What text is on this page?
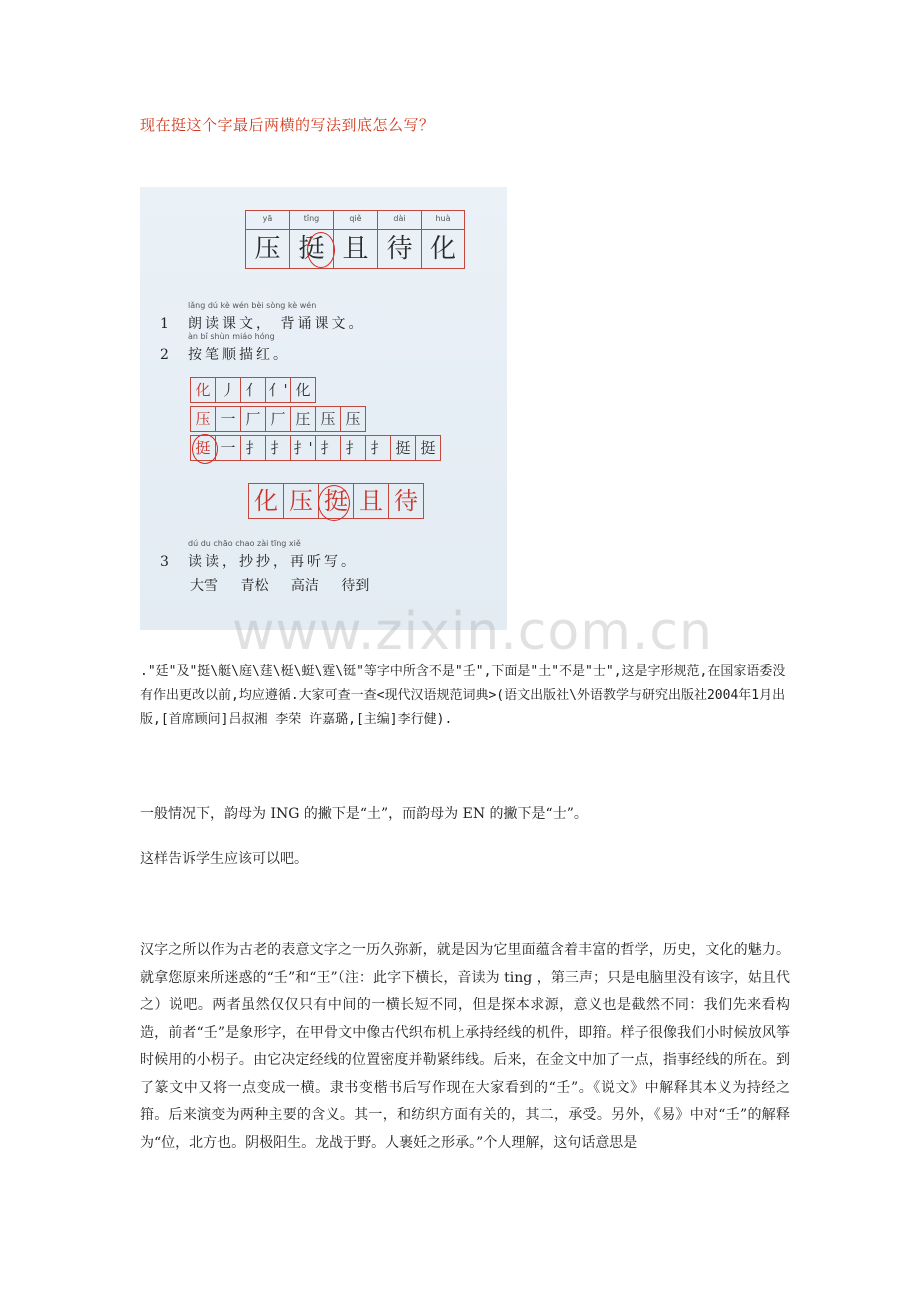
现在挺这个字最后两横的写法到底怎么写？
yā
压
tǐng
挺
qiě
且
dài
待
huà
化
lǎng dú kè wén bèi sòng kè wén
1 朗读课文， 背诵课文。
àn bǐ shùn miáo hóng
2 按笔顺描红。
化 丿 亻 亻' 化
压 一 厂 厂 圧 压 压
挺 一 扌 扌 扌' 扌 扌 扌 挺 挺
化 压 挺 且 待
dú du chāo chao zài tīng xiě
3 读读，抄抄，再听写。
大雪 青松 高洁 待到
www.zixin.com.cn
."廷"及"挺\艇\庭\莛\梃\蜓\霆\铤"等字中所含不是"壬",下面是"土"不是"士",这是字形规范,在国家语委没有作出更改以前,均应遵循.大家可查一查<现代汉语规范词典>(语文出版社\外语教学与研究出版社2004年1月出版,[首席顾问]吕叔湘 李荣 许嘉璐,[主编]李行健).
一般情况下，韵母为 ING 的撇下是“土”，而韵母为 EN 的撇下是“士”。
这样告诉学生应该可以吧。
汉字之所以作为古老的表意文字之一历久弥新，就是因为它里面蕴含着丰富的哲学，历史，文化的魅力。就拿您原来所迷惑的“壬”和“王”（注：此字下横长，音读为 ting ，第三声；只是电脑里没有该字，姑且代之）说吧。两者虽然仅仅只有中间的一横长短不同，但是探本求源，意义也是截然不同：我们先来看构造，前者“壬”是象形字，在甲骨文中像古代织布机上承持经线的机件，即箝。样子很像我们小时候放风筝时候用的小枴子。由它决定经线的位置密度并勒紧纬线。后来，在金文中加了一点，指事经线的所在。到了篆文中又将一点变成一横。隶书变楷书后写作现在大家看到的“壬”。《说文》中解释其本义为持经之箝。后来演变为两种主要的含义。其一，和纺织方面有关的，其二，承受。另外，《易》中对“壬”的解释为“位，北方也。阴极阳生。龙战于野。人裹妊之形承。”个人理解，这句话意思是
